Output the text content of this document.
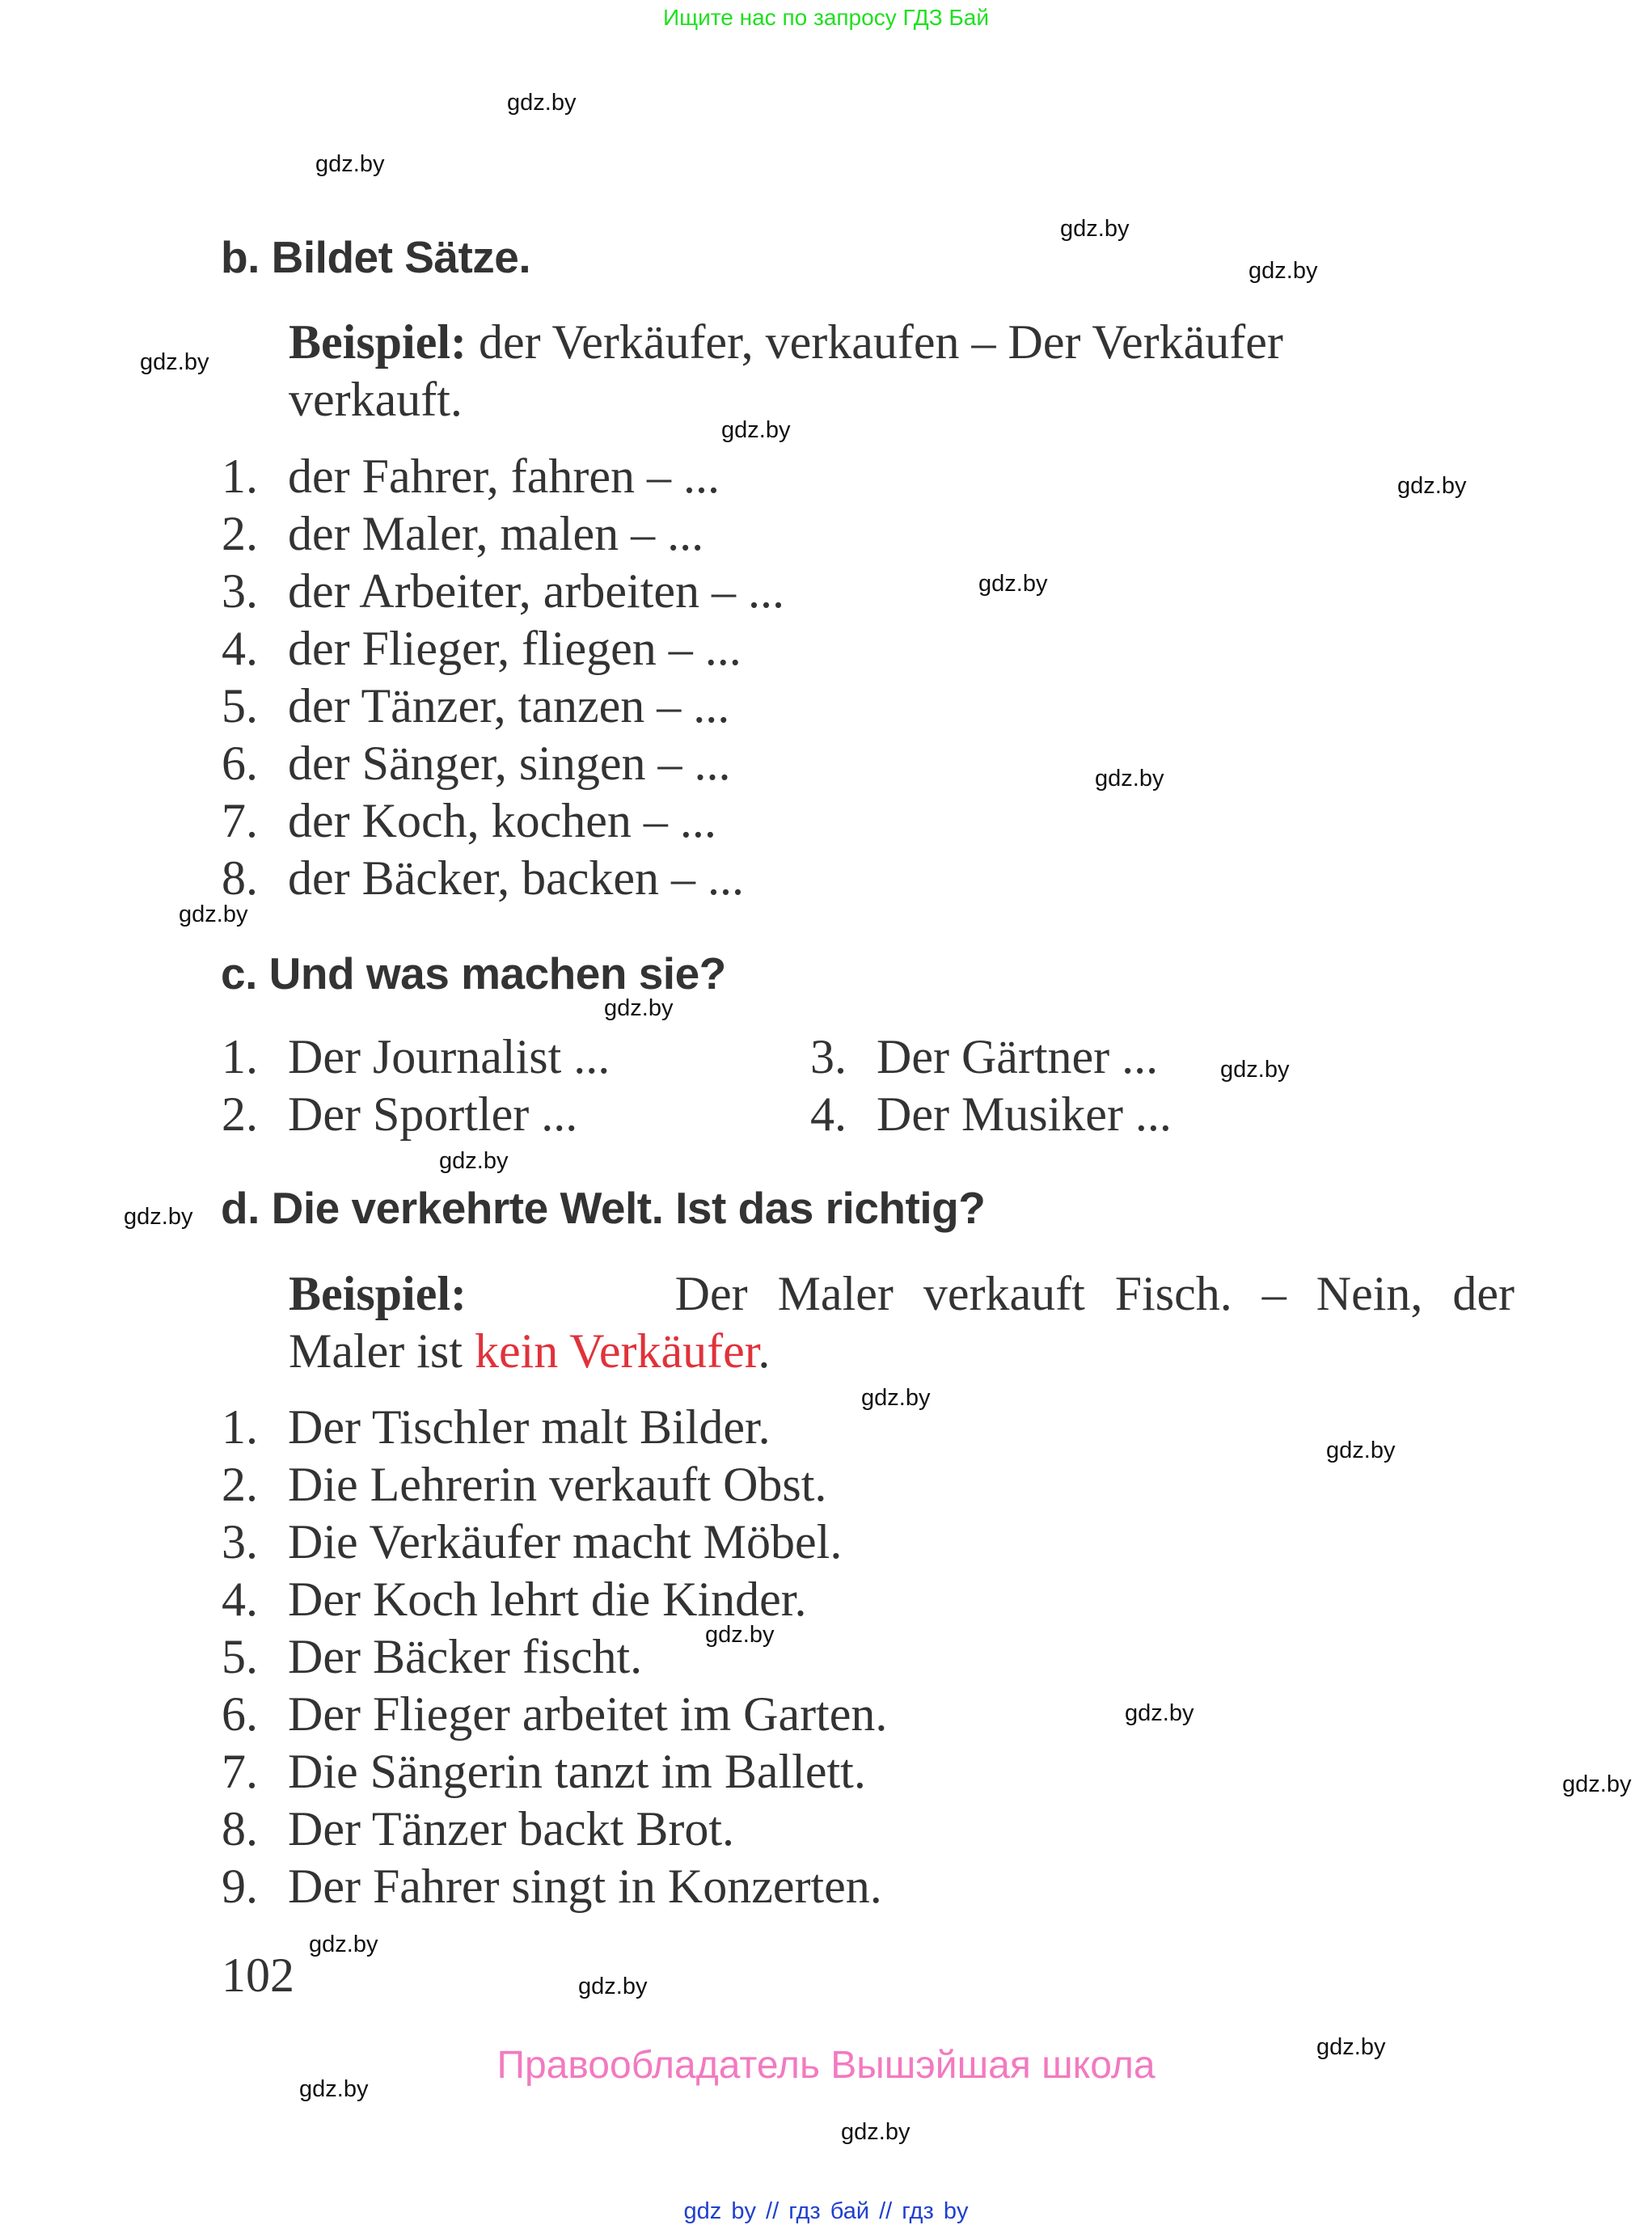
Ищите нас по запросу ГДЗ Бай
gdz.by
gdz.by
gdz.by
gdz.by
gdz.by
gdz.by
gdz.by
gdz.by
gdz.by
gdz.by
gdz.by
gdz.by
gdz.by
gdz.by
gdz.by
gdz.by
gdz.by
gdz.by
gdz.by
gdz.by
gdz.by
gdz.by
gdz.by
gdz.by
b. Bildet Sätze.
Beispiel: der Verkäufer, verkaufen – Der Verkäufer
verkauft.
1. der Fahrer, fahren – ...
2. der Maler, malen – ...
3. der Arbeiter, arbeiten – ...
4. der Flieger, fliegen – ...
5. der Tänzer, tanzen – ...
6. der Sänger, singen – ...
7. der Koch, kochen – ...
8. der Bäcker, backen – ...
c. Und was machen sie?
1. Der Journalist ...
2. Der Sportler ...
3. Der Gärtner ...
4. Der Musiker ...
d. Die verkehrte Welt. Ist das richtig?
Beispiel:	Der Maler verkauft Fisch. – Nein, der
Maler ist kein Verkäufer.
1. Der Tischler malt Bilder.
2. Die Lehrerin verkauft Obst.
3. Die Verkäufer macht Möbel.
4. Der Koch lehrt die Kinder.
5. Der Bäcker fischt.
6. Der Flieger arbeitet im Garten.
7. Die Sängerin tanzt im Ballett.
8. Der Tänzer backt Brot.
9. Der Fahrer singt in Konzerten.
102
Правообладатель Вышэйшая школа
gdz by // гдз бай // гдз by
